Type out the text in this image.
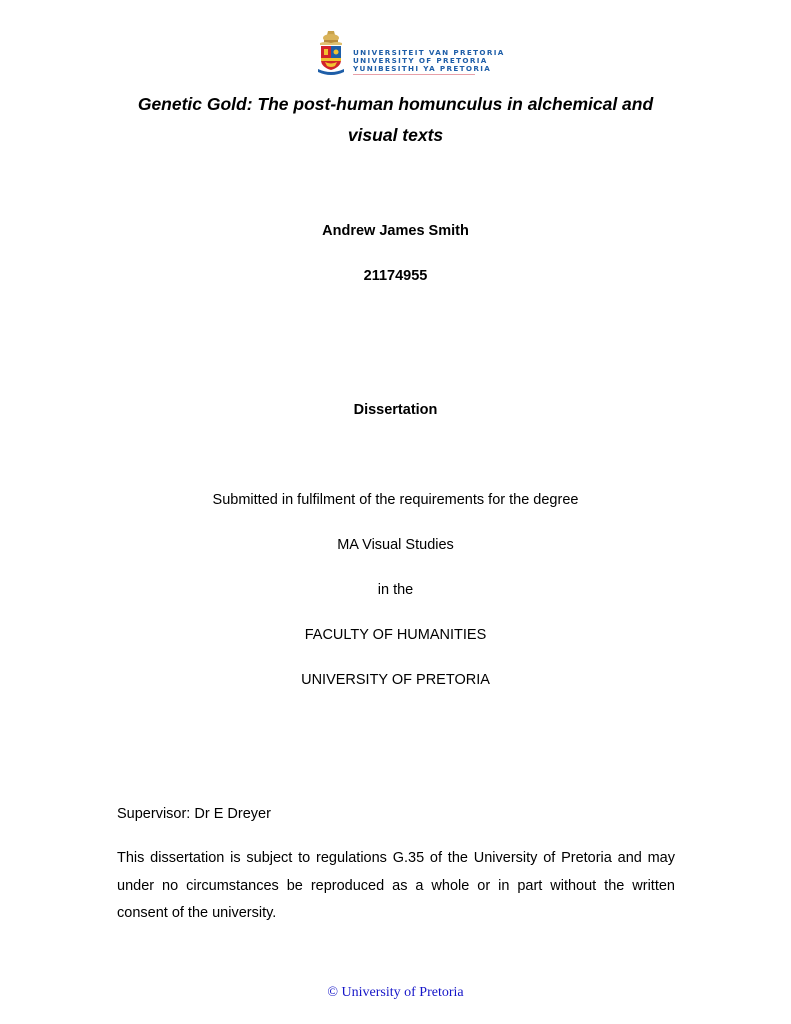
UNIVERSITEIT VAN PRETORIA
UNIVERSITY OF PRETORIA
YUNIBESITHI YA PRETORIA
Genetic Gold: The post-human homunculus in alchemical and
visual texts
Andrew James Smith
21174955
Dissertation
Submitted in fulfilment of the requirements for the degree
MA Visual Studies
in the
FACULTY OF HUMANITIES
UNIVERSITY OF PRETORIA
Supervisor: Dr E Dreyer
This dissertation is subject to regulations G.35 of the University of Pretoria and may under no circumstances be reproduced as a whole or in part without the written consent of the university.
© University of Pretoria
